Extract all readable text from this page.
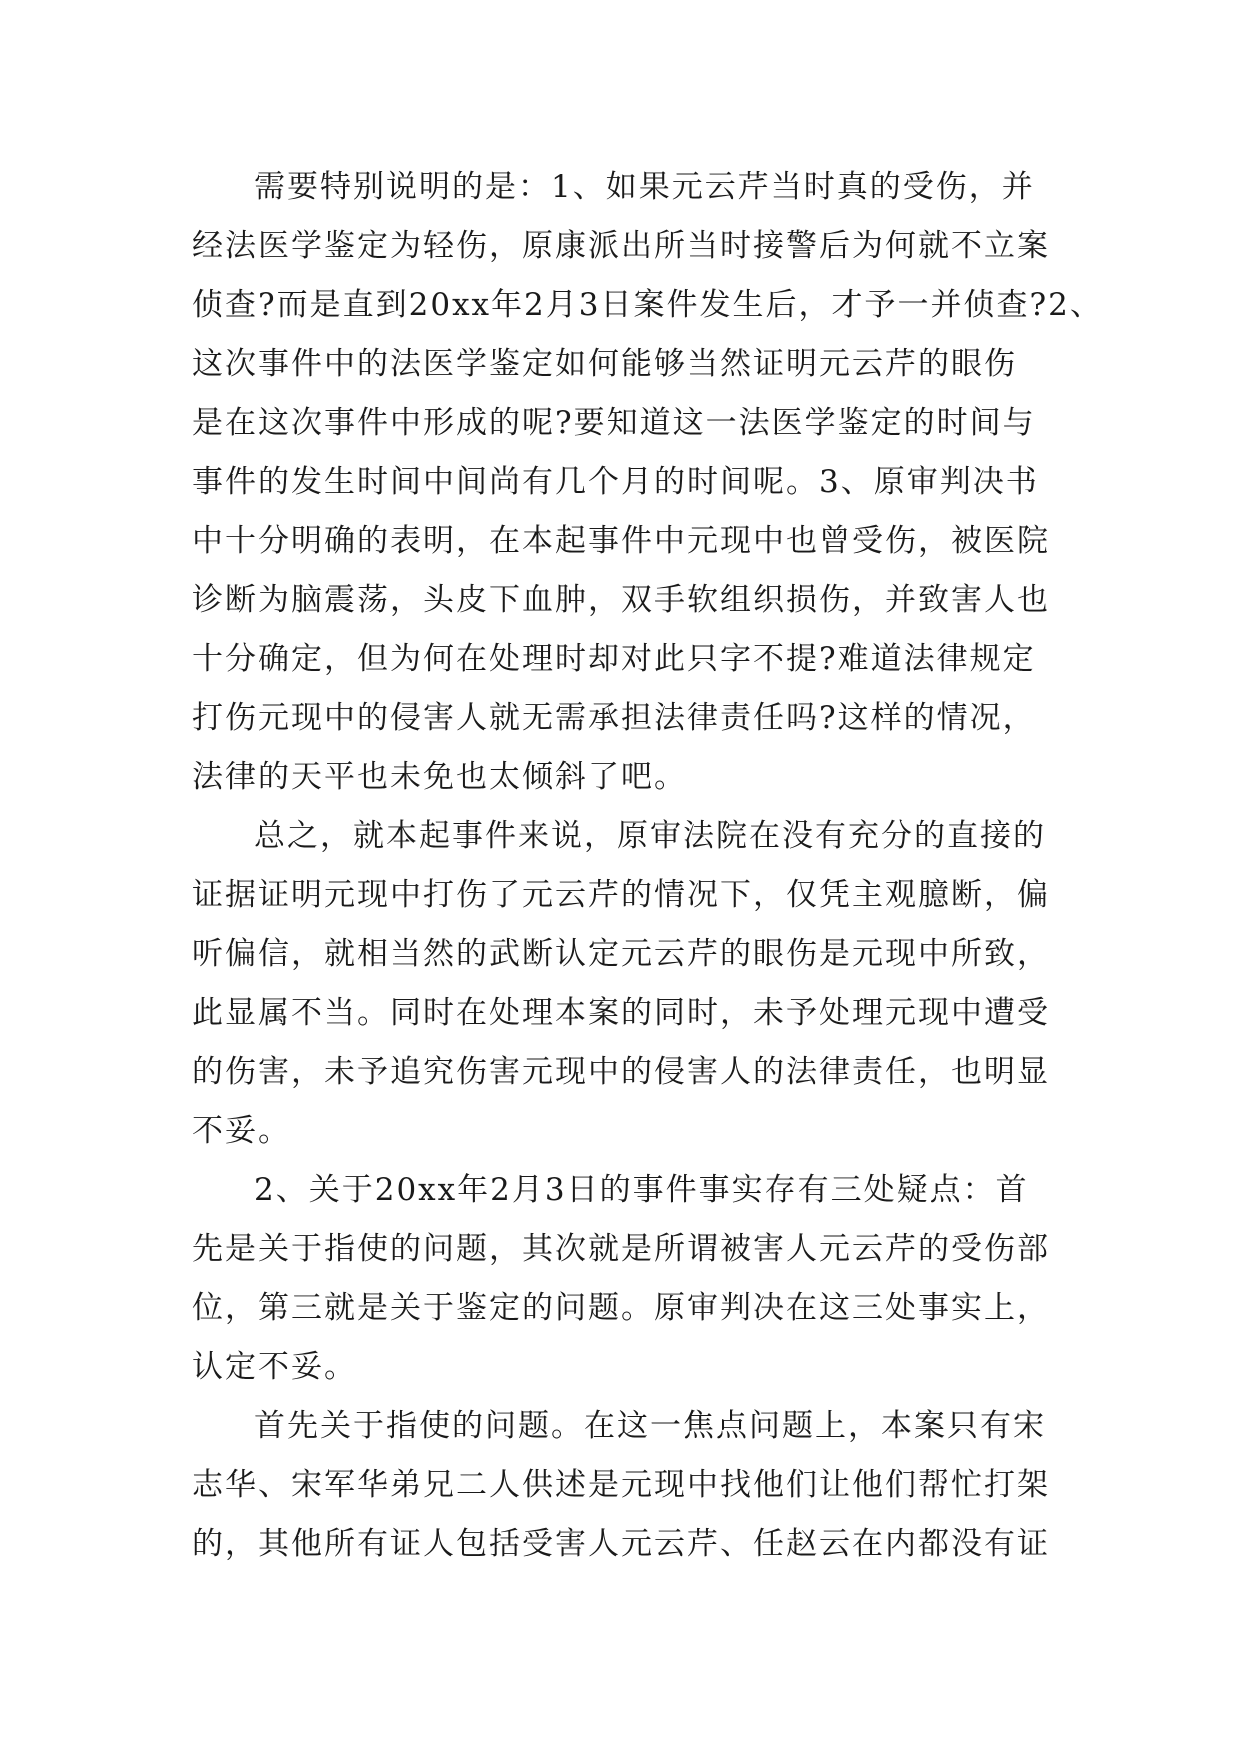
需要特别说明的是：1、如果元云芹当时真的受伤，并
经法医学鉴定为轻伤，原康派出所当时接警后为何就不立案
侦查?而是直到20xx年2月3日案件发生后，才予一并侦查?2、
这次事件中的法医学鉴定如何能够当然证明元云芹的眼伤
是在这次事件中形成的呢?要知道这一法医学鉴定的时间与
事件的发生时间中间尚有几个月的时间呢。3、原审判决书
中十分明确的表明，在本起事件中元现中也曾受伤，被医院
诊断为脑震荡，头皮下血肿，双手软组织损伤，并致害人也
十分确定，但为何在处理时却对此只字不提?难道法律规定
打伤元现中的侵害人就无需承担法律责任吗?这样的情况，
法律的天平也未免也太倾斜了吧。

总之，就本起事件来说，原审法院在没有充分的直接的
证据证明元现中打伤了元云芹的情况下，仅凭主观臆断，偏
听偏信，就相当然的武断认定元云芹的眼伤是元现中所致，
此显属不当。同时在处理本案的同时，未予处理元现中遭受
的伤害，未予追究伤害元现中的侵害人的法律责任，也明显
不妥。

2、关于20xx年2月3日的事件事实存有三处疑点：首
先是关于指使的问题，其次就是所谓被害人元云芹的受伤部
位，第三就是关于鉴定的问题。原审判决在这三处事实上，
认定不妥。

首先关于指使的问题。在这一焦点问题上，本案只有宋
志华、宋军华弟兄二人供述是元现中找他们让他们帮忙打架
的，其他所有证人包括受害人元云芹、任赵云在内都没有证
